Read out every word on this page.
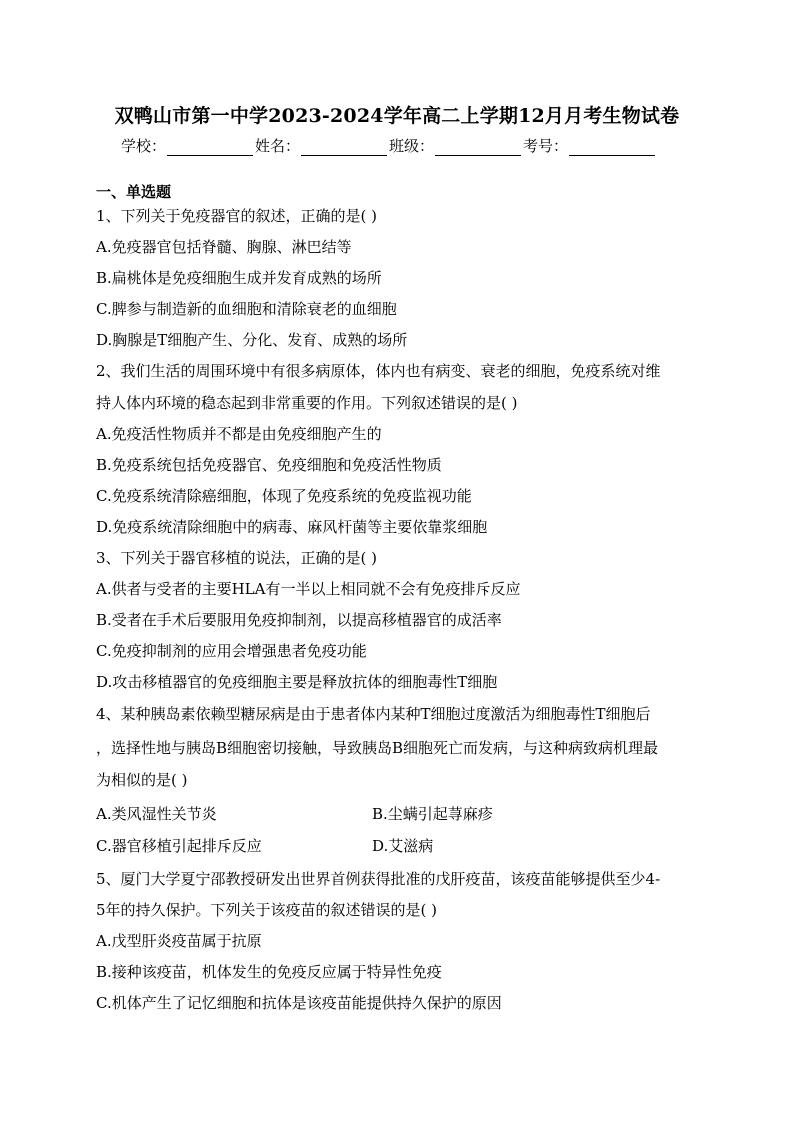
双鸭山市第一中学2023-2024学年高二上学期12月月考生物试卷
学校：	姓名：	班级：	考号：
一、单选题
1、下列关于免疫器官的叙述，正确的是( )
A.免疫器官包括脊髓、胸腺、淋巴结等
B.扁桃体是免疫细胞生成并发育成熟的场所
C.脾参与制造新的血细胞和清除衰老的血细胞
D.胸腺是T细胞产生、分化、发育、成熟的场所
2、我们生活的周围环境中有很多病原体，体内也有病变、衰老的细胞，免疫系统对维
持人体内环境的稳态起到非常重要的作用。下列叙述错误的是( )
A.免疫活性物质并不都是由免疫细胞产生的
B.免疫系统包括免疫器官、免疫细胞和免疫活性物质
C.免疫系统清除癌细胞，体现了免疫系统的免疫监视功能
D.免疫系统清除细胞中的病毒、麻风杆菌等主要依靠浆细胞
3、下列关于器官移植的说法，正确的是( )
A.供者与受者的主要HLA有一半以上相同就不会有免疫排斥反应
B.受者在手术后要服用免疫抑制剂，以提高移植器官的成活率
C.免疫抑制剂的应用会增强患者免疫功能
D.攻击移植器官的免疫细胞主要是释放抗体的细胞毒性T细胞
4、某种胰岛素依赖型糖尿病是由于患者体内某种T细胞过度激活为细胞毒性T细胞后
，选择性地与胰岛B细胞密切接触，导致胰岛B细胞死亡而发病，与这种病致病机理最
为相似的是( )
A.类风湿性关节炎	B.尘螨引起荨麻疹
C.器官移植引起排斥反应	D.艾滋病
5、厦门大学夏宁邵教授研发出世界首例获得批准的戊肝疫苗，该疫苗能够提供至少4-
5年的持久保护。下列关于该疫苗的叙述错误的是( )
A.戊型肝炎疫苗属于抗原
B.接种该疫苗，机体发生的免疫反应属于特异性免疫
C.机体产生了记忆细胞和抗体是该疫苗能提供持久保护的原因
